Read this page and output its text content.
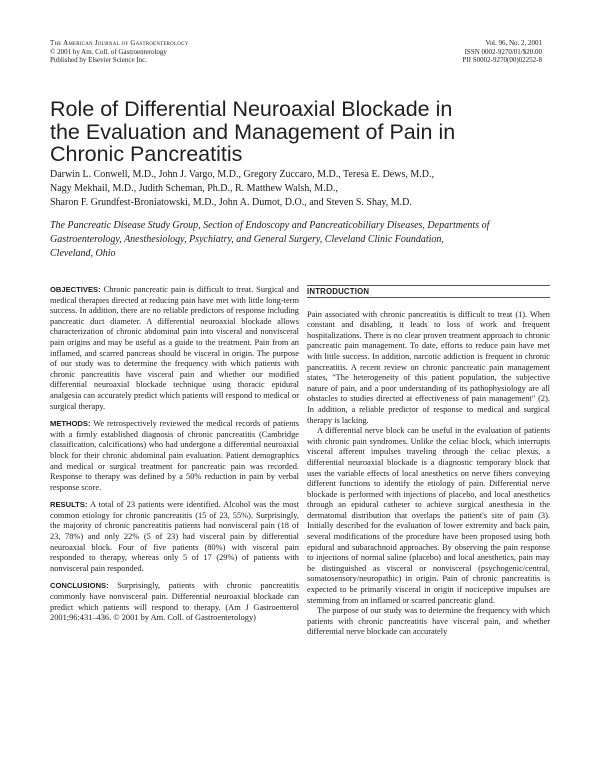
The American Journal of Gastroenterology
© 2001 by Am. Coll. of Gastroenterology
Published by Elsevier Science Inc.
Vol. 96, No. 2, 2001
ISSN 0002-9270/01/$20.00
PII S0002-9270(00)02252-8
Role of Differential Neuroaxial Blockade in
the Evaluation and Management of Pain in
Chronic Pancreatitis
Darwin L. Conwell, M.D., John J. Vargo, M.D., Gregory Zuccaro, M.D., Teresa E. Dews, M.D.,
Nagy Mekhail, M.D., Judith Scheman, Ph.D., R. Matthew Walsh, M.D.,
Sharon F. Grundfest-Broniatowski, M.D., John A. Dumot, D.O., and Steven S. Shay, M.D.
The Pancreatic Disease Study Group, Section of Endoscopy and Pancreaticobiliary Diseases, Departments of
Gastroenterology, Anesthesiology, Psychiatry, and General Surgery, Cleveland Clinic Foundation,
Cleveland, Ohio

OBJECTIVES: Chronic pancreatic pain is difficult to treat. Surgical and medical therapies directed at reducing pain have met with little long-term success. In addition, there are no reliable predictors of response including pancreatic duct diameter. A differential neuroaxial blockade allows characterization of chronic abdominal pain into visceral and nonvisceral pain origins and may be useful as a guide to the treatment. Pain from an inflamed, and scarred pancreas should be visceral in origin. The purpose of our study was to determine the frequency with which patients with chronic pancreatitis have visceral pain and whether our modified differential neuroaxial blockade technique using thoracic epidural analgesia can accurately predict which patients will respond to medical or surgical therapy.

METHODS: We retrospectively reviewed the medical records of patients with a firmly established diagnosis of chronic pancreatitis (Cambridge classification, calcifications) who had undergone a differential neuroaxial block for their chronic abdominal pain evaluation. Patient demographics and medical or surgical treatment for pancreatic pain was recorded. Response to therapy was defined by a 50% reduction in pain by verbal response score.

RESULTS: A total of 23 patients were identified. Alcohol was the most common etiology for chronic pancreatitis (15 of 23, 55%). Surprisingly, the majority of chronic pancreatitis patients had nonvisceral pain (18 of 23, 78%) and only 22% (5 of 23) had visceral pain by differential neuroaxial block. Four of five patients (80%) with visceral pain responded to therapy, whereas only 5 of 17 (29%) of patients with nonvisceral pain responded.

CONCLUSIONS: Surprisingly, patients with chronic pancreatitis commonly have nonvisceral pain. Differential neuroaxial blockade can predict which patients will respond to therapy. (Am J Gastroenterol 2001;96:431–436. © 2001 by Am. Coll. of Gastroenterology)

INTRODUCTION

Pain associated with chronic pancreatitis is difficult to treat (1). When constant and disabling, it leads to loss of work and frequent hospitalizations. There is no clear proven treatment approach to chronic pancreatic pain management. To date, efforts to reduce pain have met with little success. In addition, narcotic addiction is frequent in chronic pancreatitis. A recent review on chronic pancreatic pain management states, "The heterogeneity of this patient population, the subjective nature of pain, and a poor understanding of its pathophysiology are all obstacles to studies directed at effectiveness of pain management" (2). In addition, a reliable predictor of response to medical and surgical therapy is lacking.

A differential nerve block can be useful in the evaluation of patients with chronic pain syndromes. Unlike the celiac block, which interrupts visceral afferent impulses traveling through the celiac plexus, a differential neuroaxial blockade is a diagnostic temporary block that uses the variable effects of local anesthetics on nerve fibers conveying different functions to identify the etiology of pain. Differential nerve blockade is performed with injections of placebo, and local anesthetics through an epidural catheter to achieve surgical anesthesia in the dermatomal distribution that overlaps the patient's site of pain (3). Initially described for the evaluation of lower extremity and back pain, several modifications of the procedure have been proposed using both epidural and subarachnoid approaches. By observing the pain response to injections of normal saline (placebo) and local anesthetics, pain may be distinguished as visceral or nonvisceral (psychogenic/central, somatosensory/neuropathic) in origin. Pain of chronic pancreatitis is expected to be primarily visceral in origin if nociceptive impulses are stemming from an inflamed or scarred pancreatic gland.

The purpose of our study was to determine the frequency with which patients with chronic pancreatitis have visceral pain, and whether differential nerve blockade can accurately
